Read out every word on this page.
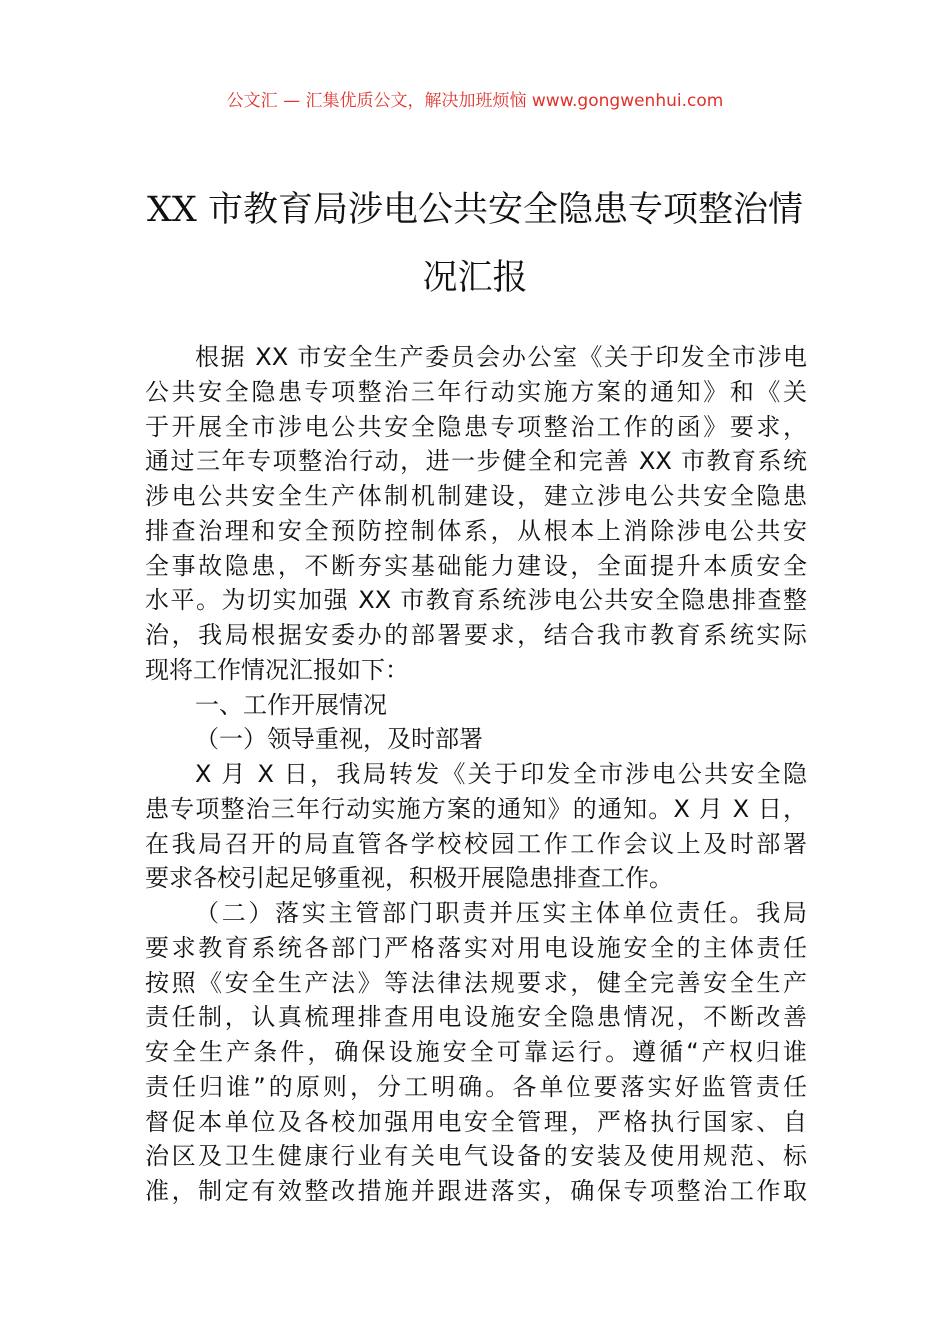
公文汇 — 汇集优质公文，解决加班烦恼 www.gongwenhui.com
XX 市教育局涉电公共安全隐患专项整治情
况汇报
根据 XX 市安全生产委员会办公室《关于印发全市涉电
公共安全隐患专项整治三年行动实施方案的通知》和《关
于开展全市涉电公共安全隐患专项整治工作的函》要求，
通过三年专项整治行动，进一步健全和完善 XX 市教育系统
涉电公共安全生产体制机制建设，建立涉电公共安全隐患
排查治理和安全预防控制体系，从根本上消除涉电公共安
全事故隐患，不断夯实基础能力建设，全面提升本质安全
水平。为切实加强 XX 市教育系统涉电公共安全隐患排查整
治，我局根据安委办的部署要求，结合我市教育系统实际
现将工作情况汇报如下：
一、工作开展情况
（一）领导重视，及时部署
X 月 X 日，我局转发《关于印发全市涉电公共安全隐
患专项整治三年行动实施方案的通知》的通知。X 月 X 日，
在我局召开的局直管各学校校园工作工作会议上及时部署
要求各校引起足够重视，积极开展隐患排查工作。
（二）落实主管部门职责并压实主体单位责任。我局
要求教育系统各部门严格落实对用电设施安全的主体责任
按照《安全生产法》等法律法规要求，健全完善安全生产
责任制，认真梳理排查用电设施安全隐患情况，不断改善
安全生产条件，确保设施安全可靠运行。遵循“产权归谁
责任归谁”的原则，分工明确。各单位要落实好监管责任
督促本单位及各校加强用电安全管理，严格执行国家、自
治区及卫生健康行业有关电气设备的安装及使用规范、标
准，制定有效整改措施并跟进落实，确保专项整治工作取
